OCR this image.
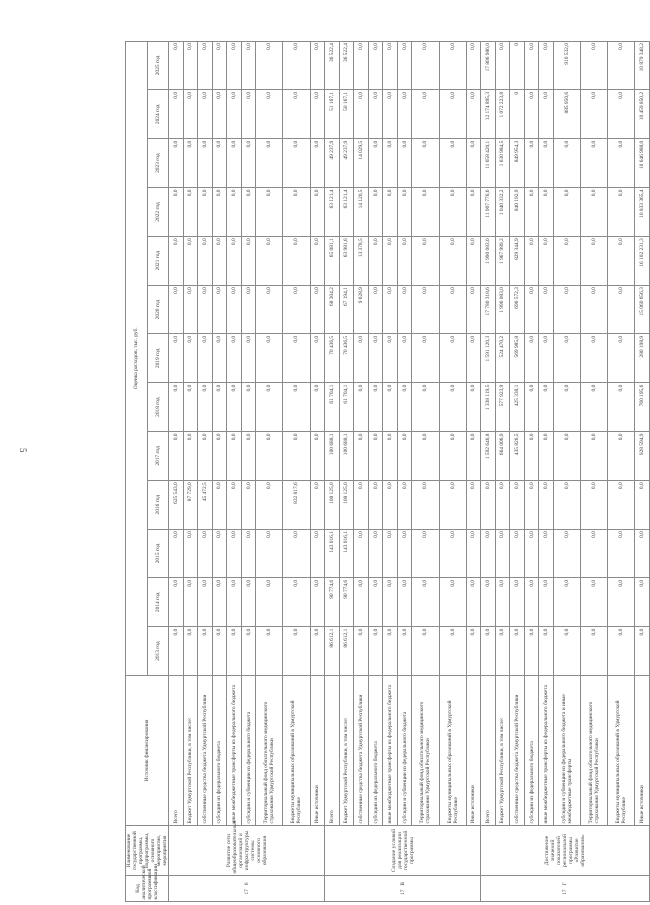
5
Код аналитической программной классификации	Наименование государственной программы, подпрограммы, основного мероприятия, мероприятия	Источник финансирования	Оценка расходов, тыс. руб.												
			2013 год	2014 год	2015 год	2016 год	2017 год	2018 год	2019 год	2020 год	2021 год	2022 год	2023 год	2024 год	2025 год
176	Развитие сети общеобразовательных организаций и инфраструктуры системы основного образования	Всего	0,0	0,0	0,0	625 543,0	0,0	0,0	0,0	0,0	0,0	0,0	0,0	0,0	0,0
		Бюджет Удмуртской Республики, в том числе:	0,0	0,0	0,0	87 729,0	0,0	0,0	0,0	0,0	0,0	0,0	0,0	0,0	0,0
		собственные средства бюджета Удмуртской Республики	0,0	0,0	0,0	45 472,5	0,0	0,0	0,0	0,0	0,0	0,0	0,0	0,0	0,0
		субсидии из федерального бюджета	0,0	0,0	0,0	0,0	0,0	0,0	0,0	0,0	0,0	0,0	0,0	0,0	0,0
		иные межбюджетные трансферты из федерального бюджета	0,0	0,0	0,0	0,0	0,0	0,0	0,0	0,0	0,0	0,0	0,0	0,0	0,0
		субсидии и субвенции из федерального бюджета	0,0	0,0	0,0	0,0	0,0	0,0	0,0	0,0	0,0	0,0	0,0	0,0	0,0
		Территориальный фонд обязательного медицинского страхования Удмуртской Республики	0,0	0,0	0,0	0,0	0,0	0,0	0,0	0,0	0,0	0,0	0,0	0,0	0,0
		Бюджеты муниципальных образований в Удмуртской Республике	0,0	0,0	0,0	832 817,6	0,0	0,0	0,0	0,0	0,0	0,0	0,0	0,0	0,0
		Иные источники	0,0	0,0	0,0	0,0	0,0	0,0	0,0	0,0	0,0	0,0	0,0	0,0	0,0
17В	Создание условий для реализации государственной программы	Всего	86 612,1	90 774,6	143 016,1	108 125,0	100 688,1	61 704,1	70 436,5	68 304,2	65 081,1	63 121,4	49 237,9	51 167,1	36 522,4
		Бюджет Удмуртской Республики, в том числе:	86 612,1	90 774,6	143 016,1	108 125,0	100 688,1	61 704,1	70 436,5	67 194,1	63 981,6	63 121,4	49 237,9	50 167,1	36 522,4
		собственные средства бюджета Удмуртской Республики	0,0	0,0	0,0	0,0	0,0	0,0	0,0	9 628,9	13 378,5	14 120,5	14 029,5	0,0	0,0
		субсидии из федерального бюджета	0,0	0,0	0,0	0,0	0,0	0,0	0,0	0,0	0,0	0,0	0,0	0,0	0,0
		иные межбюджетные трансферты из федерального бюджета	0,0	0,0	0,0	0,0	0,0	0,0	0,0	0,0	0,0	0,0	0,0	0,0	0,0
		субсидии и субвенции из федерального бюджета	0,0	0,0	0,0	0,0	0,0	0,0	0,0	0,0	0,0	0,0	0,0	0,0	0,0
		Территориальный фонд обязательного медицинского страхования Удмуртской Республики	0,0	0,0	0,0	0,0	0,0	0,0	0,0	0,0	0,0	0,0	0,0	0,0	0,0
		Бюджеты муниципальных образований в Удмуртской Республике	0,0	0,0	0,0	0,0	0,0	0,0	0,0	0,0	0,0	0,0	0,0	0,0	0,0
		Иные источники	0,0	0,0	0,0	0,0	0,0	0,0	0,0	0,0	0,0	0,0	0,0	0,0	0,0
17Г	Достижение значений показателей региональной программы «Развитие образования»	Всего	0,0	0,0	0,0	0,0	1 592 646,8	1 338 119,5	1 591 120,3	17 780 318,6	1 990 083,0	11 907 776,6	11 658 420,1	12 174 895,3	17 806 986,0
		Бюджет Удмуртской Республики, в том числе:	0,0	0,0	0,0	0,0	664 006,9	577 923,9	524 470,2	1 996 083,0	1 967 989,2	1 040 332,2	1 630 984,5	1 072 223,8	0,0
		собственные средства бюджета Удмуртской Республики	0,0	0,0	0,0	0,0	435 826,5	425 338,1	569 985,8	696 572,3	829 344,9	840 192,9	849 954,3	0	0
		субсидии из федерального бюджета	0,0	0,0	0,0	0,0	0,0	0,0	0,0	0,0	0,0	0,0	0,0	0,0	0,0
		иные межбюджетные трансферты из федерального бюджета	0,0	0,0	0,0	0,0	0,0	0,0	0,0	0,0	0,0	0,0	0,0	0,0	0,0
		субсидии и субвенции из федерального бюджета и иные межбюджетные трансферты	0,0	0,0	0,0	0,0	0,0	0,0	0,0	0,0	0,0	0,0	0,0	885 950,6	910 532,0
		Территориальный фонд обязательного медицинского страхования Удмуртской Республики	0,0	0,0	0,0	0,0	0,0	0,0	0,0	0,0	0,0	0,0	0,0	0,0	0,0
		Бюджеты муниципальных образований в Удмуртской Республике	0,0	0,0	0,0	0,0	0,0	0,0	0,0	0,0	0,0	0,0	0,0	0,0	0,0
		Иные источники	0,0	0,0	0,0	0,0	928 594,9	760 195,6	280 198,9	15 060 656,3	16 102 231,3	10 833 365,4	10 646 988,0	10 459 850,2	10 879 348,2
